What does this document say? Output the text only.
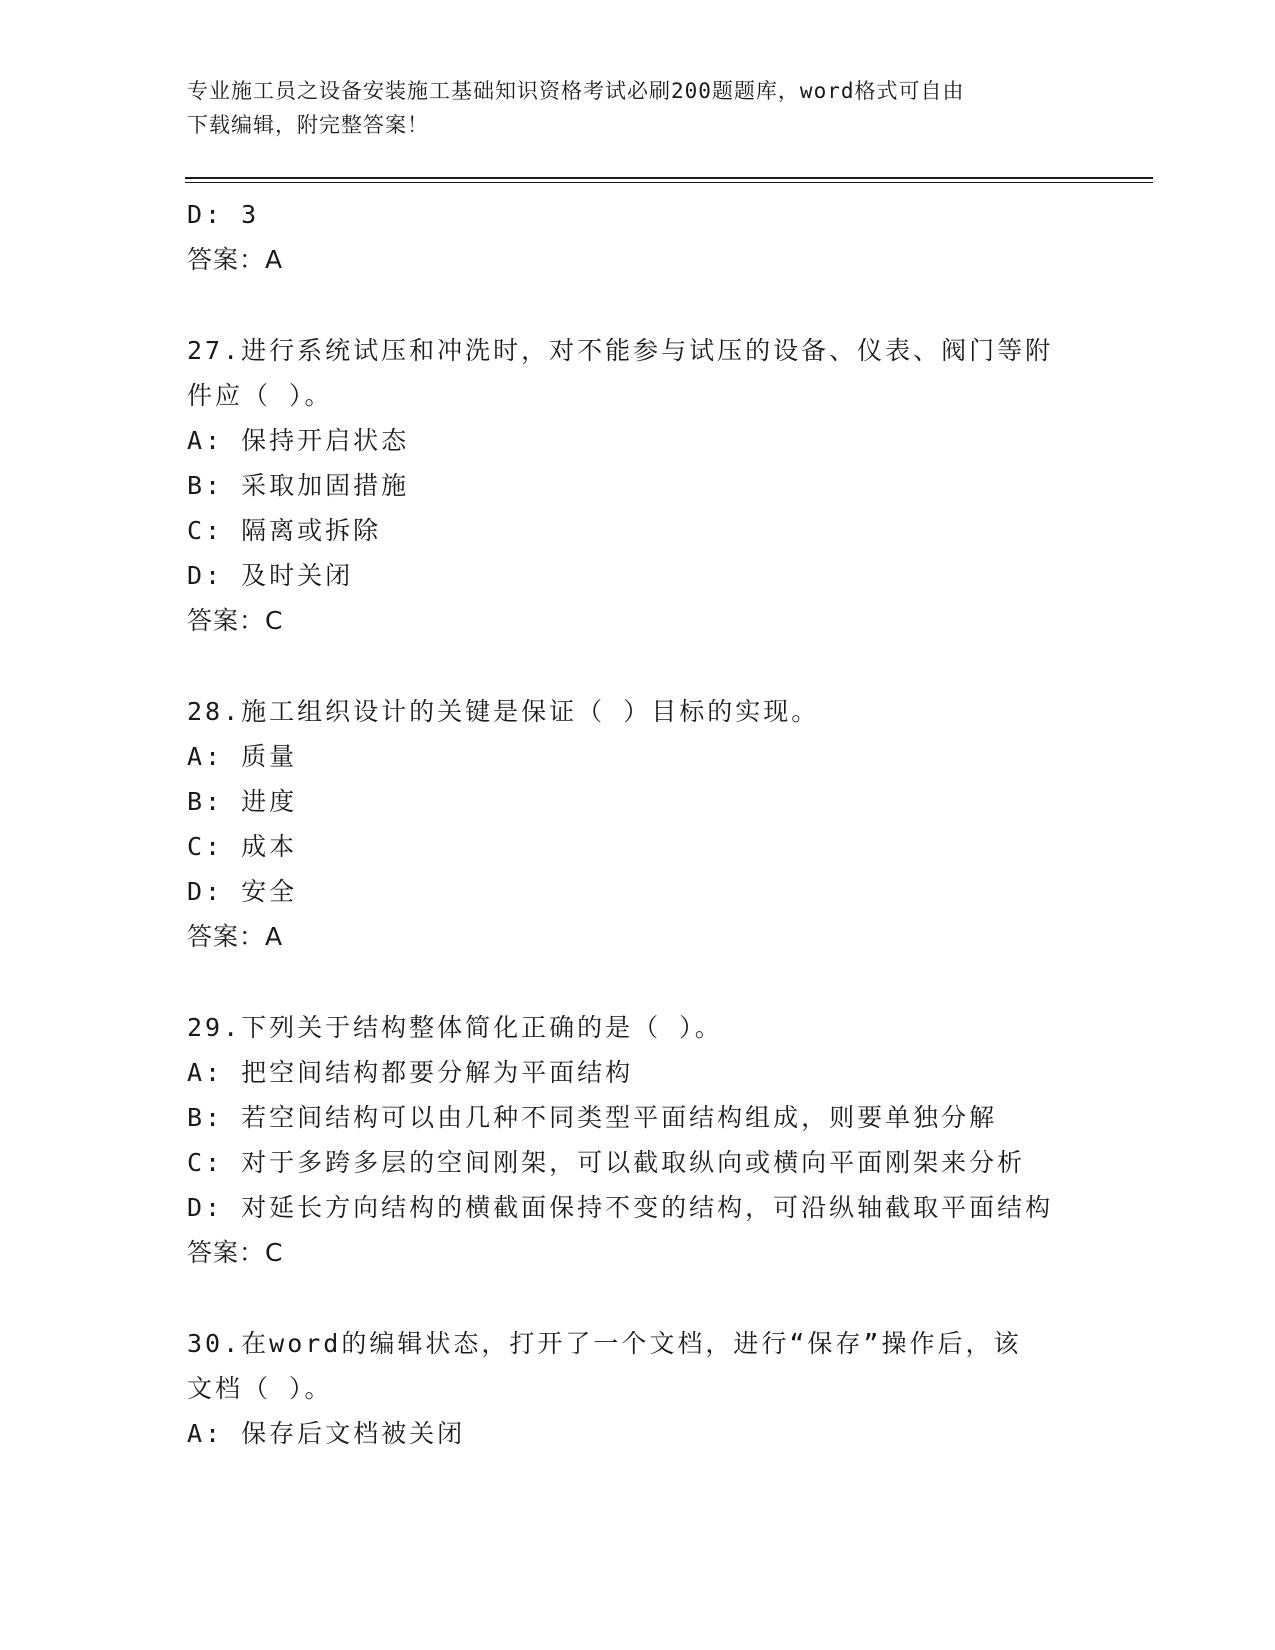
专业施工员之设备安装施工基础知识资格考试必刷200题题库，word格式可自由
下载编辑，附完整答案！
D: 3
答案：A
27.进行系统试压和冲洗时，对不能参与试压的设备、仪表、阀门等附
件应（ ）。
A: 保持开启状态
B: 采取加固措施
C: 隔离或拆除
D: 及时关闭
答案：C
28.施工组织设计的关键是保证（ ）目标的实现。
A: 质量
B: 进度
C: 成本
D: 安全
答案：A
29.下列关于结构整体简化正确的是（ ）。
A: 把空间结构都要分解为平面结构
B: 若空间结构可以由几种不同类型平面结构组成，则要单独分解
C: 对于多跨多层的空间刚架，可以截取纵向或横向平面刚架来分析
D: 对延长方向结构的横截面保持不变的结构，可沿纵轴截取平面结构
答案：C
30.在word的编辑状态，打开了一个文档，进行“保存”操作后，该
文档（ ）。
A: 保存后文档被关闭
